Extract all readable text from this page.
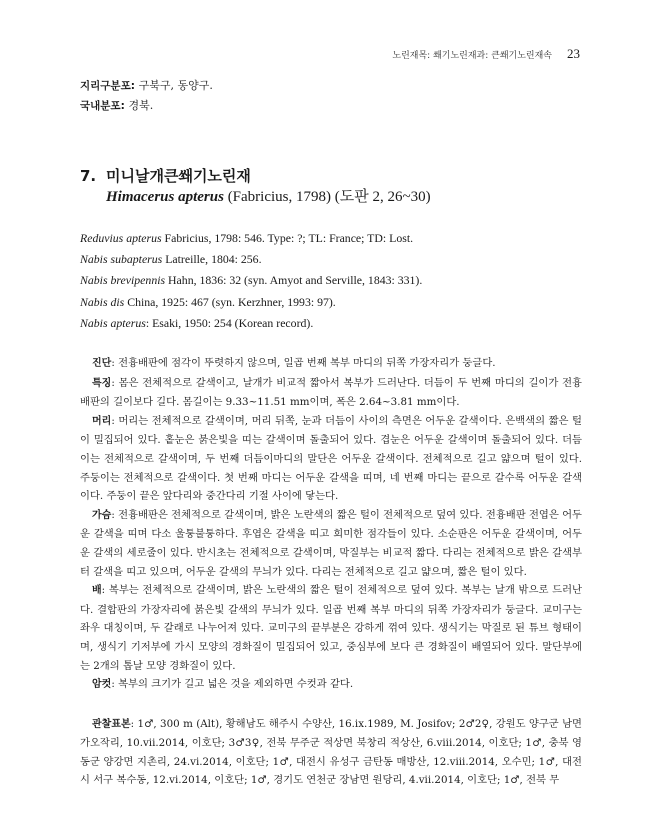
노린재목: 쐐기노린재과: 큰쐐기노린재속 23

지리구분포: 구북구, 동양구.

국내분포: 경북.

7. 미니날개큰쐐기노린재
Himacerus apterus (Fabricius, 1798) (도판 2, 26~30)
Reduvius apterus Fabricius, 1798: 546. Type: ?; TL: France; TD: Lost.
Nabis subapterus Latreille, 1804: 256.
Nabis brevipennis Hahn, 1836: 32 (syn. Amyot and Serville, 1843: 331).
Nabis dis China, 1925: 467 (syn. Kerzhner, 1993: 97).
Nabis apterus: Esaki, 1950: 254 (Korean record).

진단: 전흉배판에 점각이 뚜렷하지 않으며, 일곱 번째 복부 마디의 뒤쪽 가장자리가 둥글다.

특징: 몸은 전체적으로 갈색이고, 날개가 비교적 짧아서 복부가 드러난다. 더듬이 두 번째 마디의 길이가 전흉배판의 길이보다 길다. 몸길이는 9.33~11.51 mm이며, 폭은 2.64~3.81 mm이다.

머리: 머리는 전체적으로 갈색이며, 머리 뒤쪽, 눈과 더듬이 사이의 측면은 어두운 갈색이다. 은백색의 짧은 털이 밀집되어 있다. 홑눈은 붉은빛을 띠는 갈색이며 돌출되어 있다. 겹눈은 어두운 갈색이며 돌출되어 있다. 더듬이는 전체적으로 갈색이며, 두 번째 더듬이마디의 말단은 어두운 갈색이다. 전체적으로 길고 얇으며 털이 있다. 주둥이는 전체적으로 갈색이다. 첫 번째 마디는 어두운 갈색을 띠며, 네 번째 마디는 끝으로 갈수록 어두운 갈색이다. 주둥이 끝은 앞다리와 중간다리 기절 사이에 닿는다.

가슴: 전흉배판은 전체적으로 갈색이며, 밝은 노란색의 짧은 털이 전체적으로 덮여 있다. 전흉배판 전엽은 어두운 갈색을 띠며 다소 울퉁불퉁하다. 후엽은 갈색을 띠고 희미한 점각들이 있다. 소순판은 어두운 갈색이며, 어두운 갈색의 세로줄이 있다. 반시초는 전체적으로 갈색이며, 막질부는 비교적 짧다. 다리는 전체적으로 밝은 갈색부터 갈색을 띠고 있으며, 어두운 갈색의 무늬가 있다. 다리는 전체적으로 길고 얇으며, 짧은 털이 있다.

배: 복부는 전체적으로 갈색이며, 밝은 노란색의 짧은 털이 전체적으로 덮여 있다. 복부는 날개 밖으로 드러난다. 결합판의 가장자리에 붉은빛 갈색의 무늬가 있다. 일곱 번째 복부 마디의 뒤쪽 가장자리가 둥글다. 교미구는 좌우 대칭이며, 두 갈래로 나누어져 있다. 교미구의 끝부분은 강하게 꺾여 있다. 생식기는 막질로 된 튜브 형태이며, 생식기 기저부에 가시 모양의 경화질이 밀집되어 있고, 중심부에 보다 큰 경화질이 배열되어 있다. 말단부에는 2개의 톱날 모양 경화질이 있다.

암컷: 복부의 크기가 길고 넓은 것을 제외하면 수컷과 같다.

관찰표본: 1♂, 300 m (Alt), 황해남도 해주시 수양산, 16.ix.1989, M. Josifov; 2♂2♀, 강원도 양구군 남면 가오작리, 10.vii.2014, 이호단; 3♂3♀, 전북 무주군 적상면 북창리 적상산, 6.viii.2014, 이호단; 1♂, 충북 영동군 양강면 지촌리, 24.vi.2014, 이호단; 1♂, 대전시 유성구 금탄동 매방산, 12.viii.2014, 오수민; 1♂, 대전시 서구 복수동, 12.vi.2014, 이호단; 1♂, 경기도 연천군 장남면 원당리, 4.vii.2014, 이호단; 1♂, 전북 무
